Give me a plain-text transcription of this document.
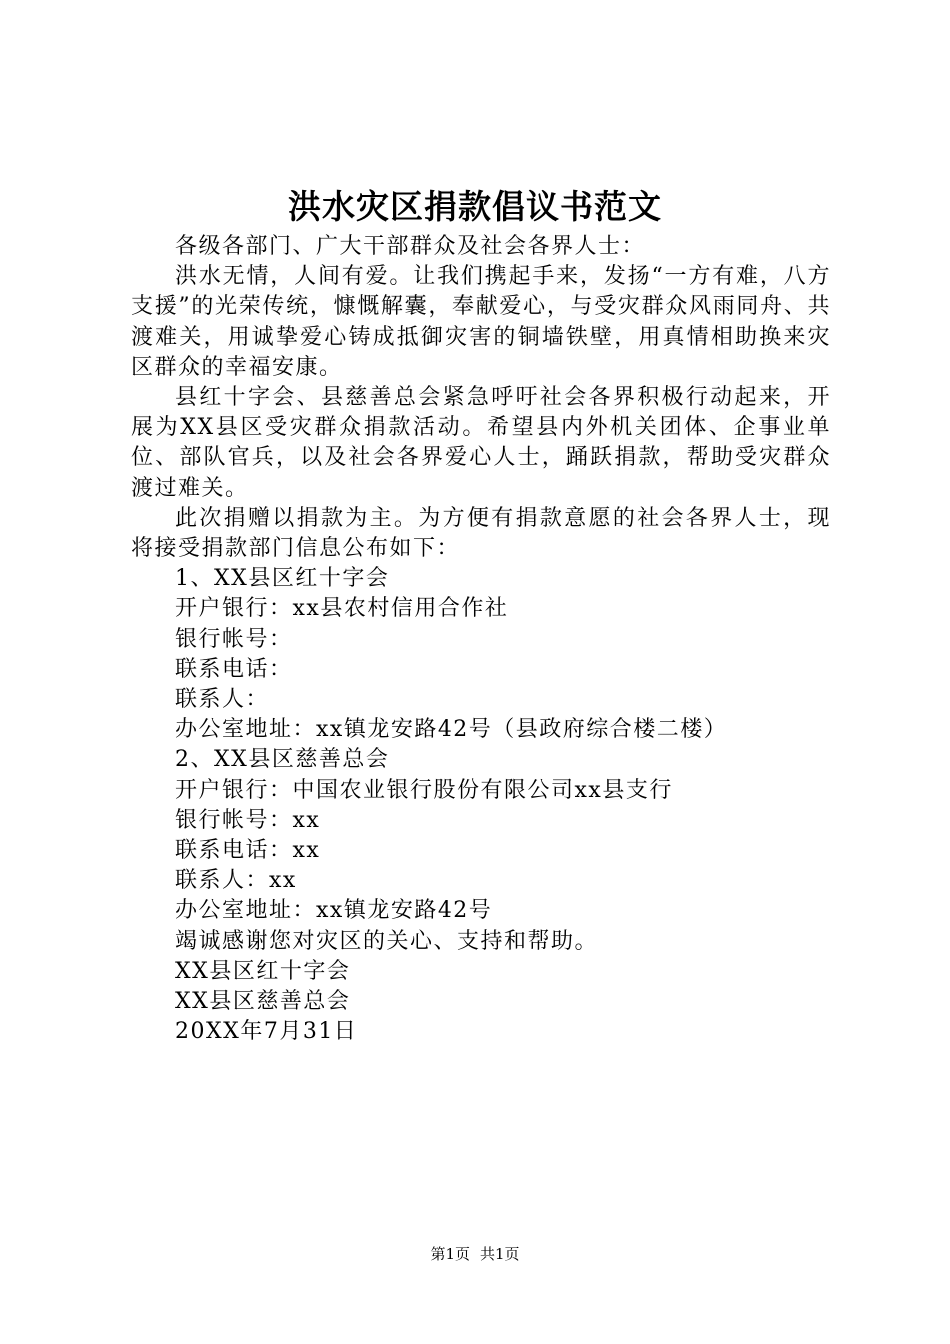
洪水灾区捐款倡议书范文

各级各部门、广大干部群众及社会各界人士：

洪水无情，人间有爱。让我们携起手来，发扬“一方有难，八方支援”的光荣传统，慷慨解囊，奉献爱心，与受灾群众风雨同舟、共渡难关，用诚挚爱心铸成抵御灾害的铜墙铁壁，用真情相助换来灾区群众的幸福安康。

县红十字会、县慈善总会紧急呼吁社会各界积极行动起来，开展为XX县区受灾群众捐款活动。希望县内外机关团体、企事业单位、部队官兵，以及社会各界爱心人士，踊跃捐款，帮助受灾群众渡过难关。

此次捐赠以捐款为主。为方便有捐款意愿的社会各界人士，现将接受捐款部门信息公布如下：

1、XX县区红十字会

开户银行：xx县农村信用合作社

银行帐号：

联系电话：

联系人：

办公室地址：xx镇龙安路42号（县政府综合楼二楼）

2、XX县区慈善总会

开户银行：中国农业银行股份有限公司xx县支行

银行帐号：xx

联系电话：xx

联系人：xx

办公室地址：xx镇龙安路42号

竭诚感谢您对灾区的关心、支持和帮助。

XX县区红十字会

XX县区慈善总会

20XX年7月31日

第1页 共1页
